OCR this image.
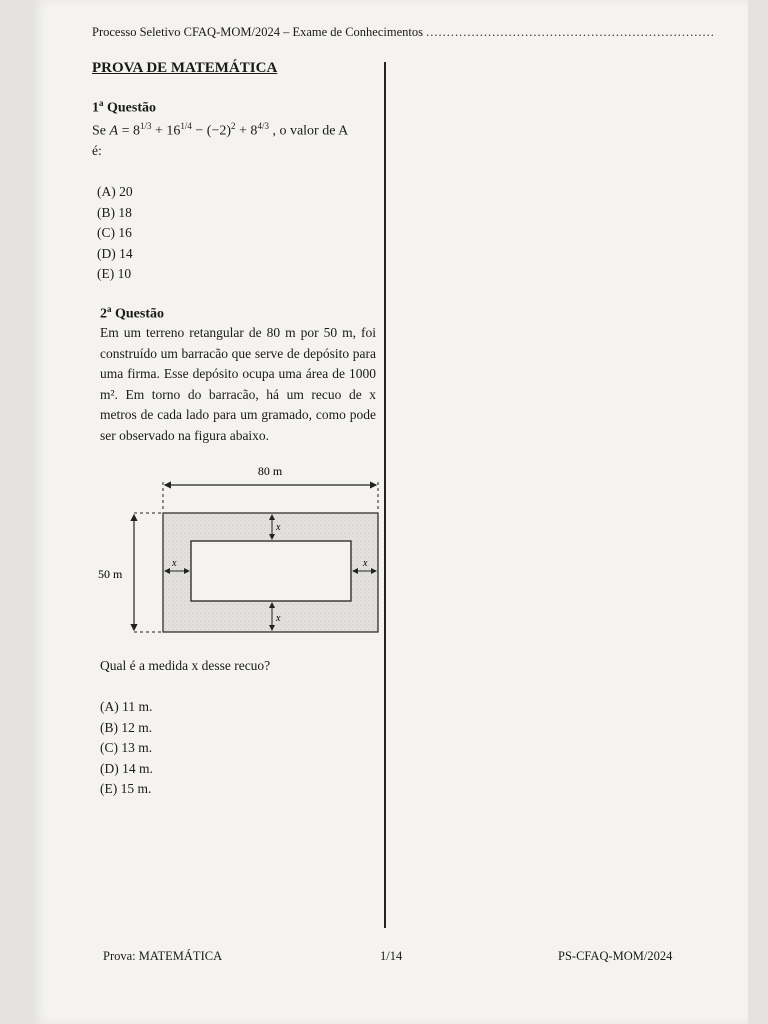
Processo Seletivo CFAQ-MOM/2024 – Exame de Conhecimentos ......................................................................
PROVA DE MATEMÁTICA
1$^a$ Questão
Se $A = 8^{1/3} + 16^{1/4} - (-2)^2 + 8^{4/3}$ , o valor de A
é:
(A) 20
(B) 18
(C) 16
(D) 14
(E) 10
2$^a$ Questão
Em um terreno retangular de 80 m por 50 m, foi construído um barracão que serve de depósito para uma firma. Esse depósito ocupa uma área de 1000 m². Em torno do barracão, há um recuo de x metros de cada lado para um gramado, como pode ser observado na figura abaixo.
80 m
50 m
x
x
x	x
Qual é a medida x desse recuo?
(A) 11 m.
(B) 12 m.
(C) 13 m.
(D) 14 m.
(E) 15 m.
Prova: MATEMÁTICA	1/14	PS-CFAQ-MOM/2024
